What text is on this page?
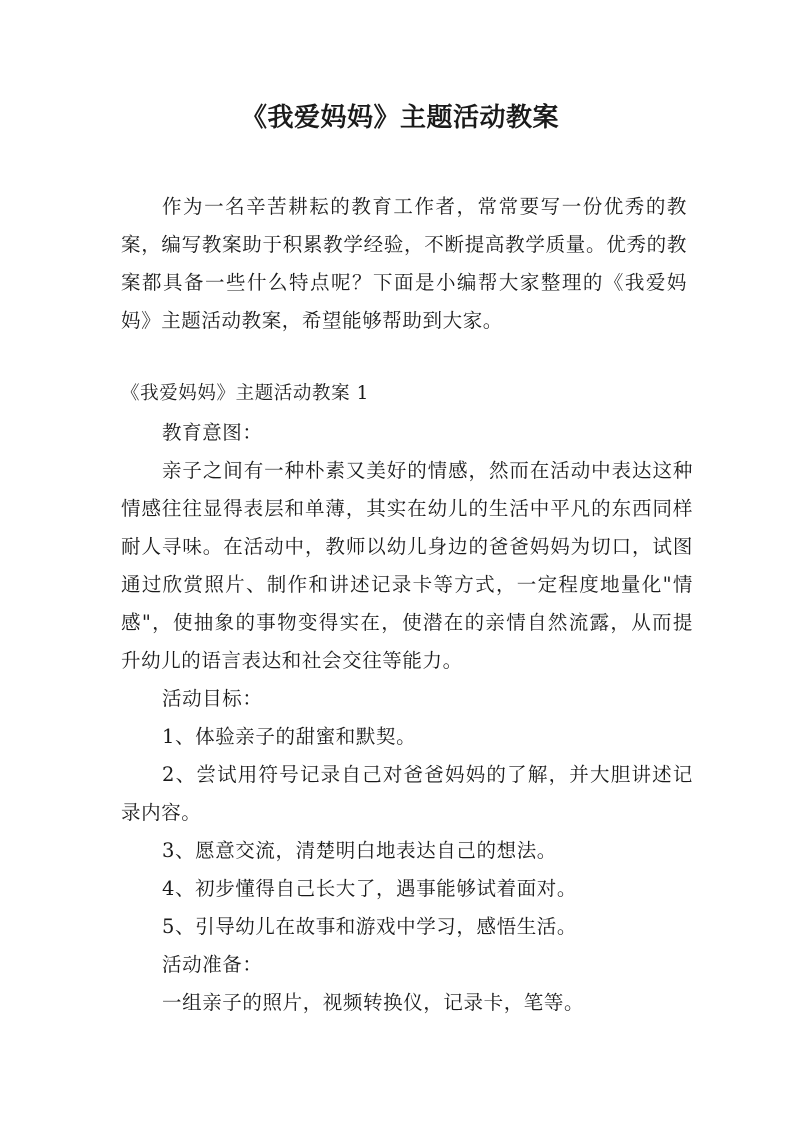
《我爱妈妈》主题活动教案

作为一名辛苦耕耘的教育工作者，常常要写一份优秀的教案，编写教案助于积累教学经验，不断提高教学质量。优秀的教案都具备一些什么特点呢？下面是小编帮大家整理的《我爱妈妈》主题活动教案，希望能够帮助到大家。

《我爱妈妈》主题活动教案 1

教育意图：

亲子之间有一种朴素又美好的情感，然而在活动中表达这种情感往往显得表层和单薄，其实在幼儿的生活中平凡的东西同样耐人寻味。在活动中，教师以幼儿身边的爸爸妈妈为切口，试图通过欣赏照片、制作和讲述记录卡等方式，一定程度地量化"情感"，使抽象的事物变得实在，使潜在的亲情自然流露，从而提升幼儿的语言表达和社会交往等能力。

活动目标：

1、体验亲子的甜蜜和默契。

2、尝试用符号记录自己对爸爸妈妈的了解，并大胆讲述记录内容。

3、愿意交流，清楚明白地表达自己的想法。

4、初步懂得自己长大了，遇事能够试着面对。

5、引导幼儿在故事和游戏中学习，感悟生活。

活动准备：

一组亲子的照片，视频转换仪，记录卡，笔等。
